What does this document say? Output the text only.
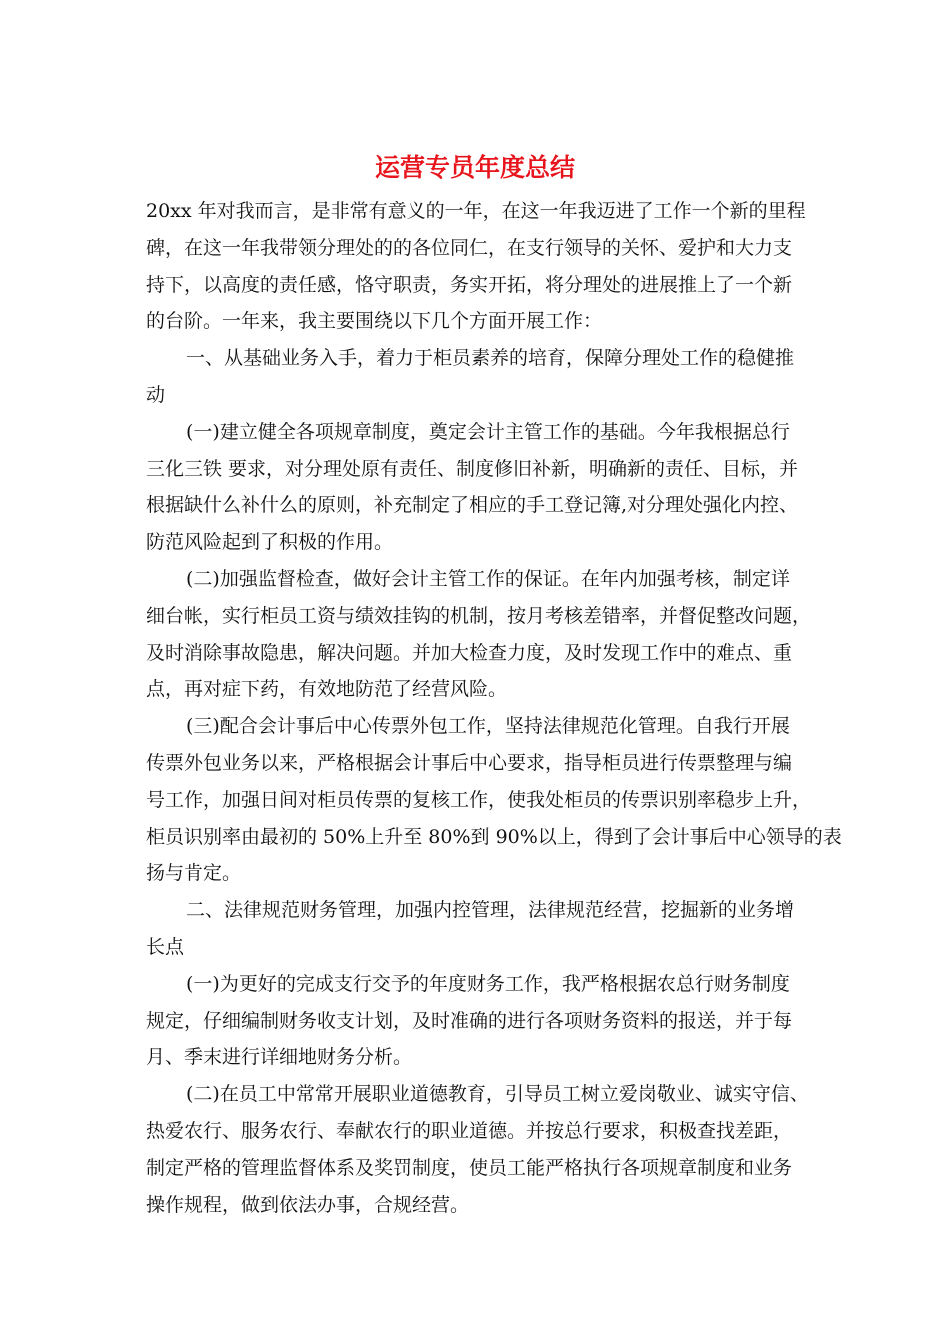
运营专员年度总结

20xx 年对我而言，是非常有意义的一年，在这一年我迈进了工作一个新的里程
碑，在这一年我带领分理处的的各位同仁，在支行领导的关怀、爱护和大力支
持下，以高度的责任感，恪守职责，务实开拓，将分理处的进展推上了一个新
的台阶。一年来，我主要围绕以下几个方面开展工作：

一、从基础业务入手，着力于柜员素养的培育，保障分理处工作的稳健推
动

(一)建立健全各项规章制度，奠定会计主管工作的基础。今年我根据总行
三化三铁 要求，对分理处原有责任、制度修旧补新，明确新的责任、目标，并
根据缺什么补什么的原则，补充制定了相应的手工登记簿,对分理处强化内控、
防范风险起到了积极的作用。

(二)加强监督检查，做好会计主管工作的保证。在年内加强考核，制定详
细台帐，实行柜员工资与绩效挂钩的机制，按月考核差错率，并督促整改问题，
及时消除事故隐患，解决问题。并加大检查力度，及时发现工作中的难点、重
点，再对症下药，有效地防范了经营风险。

(三)配合会计事后中心传票外包工作，坚持法律规范化管理。自我行开展
传票外包业务以来，严格根据会计事后中心要求，指导柜员进行传票整理与编
号工作，加强日间对柜员传票的复核工作，使我处柜员的传票识别率稳步上升，
柜员识别率由最初的 50%上升至 80%到 90%以上，得到了会计事后中心领导的表
扬与肯定。

二、法律规范财务管理，加强内控管理，法律规范经营，挖掘新的业务增
长点

(一)为更好的完成支行交予的年度财务工作，我严格根据农总行财务制度
规定，仔细编制财务收支计划，及时准确的进行各项财务资料的报送，并于每
月、季末进行详细地财务分析。

(二)在员工中常常开展职业道德教育，引导员工树立爱岗敬业、诚实守信、
热爱农行、服务农行、奉献农行的职业道德。并按总行要求，积极查找差距，
制定严格的管理监督体系及奖罚制度，使员工能严格执行各项规章制度和业务
操作规程，做到依法办事，合规经营。
